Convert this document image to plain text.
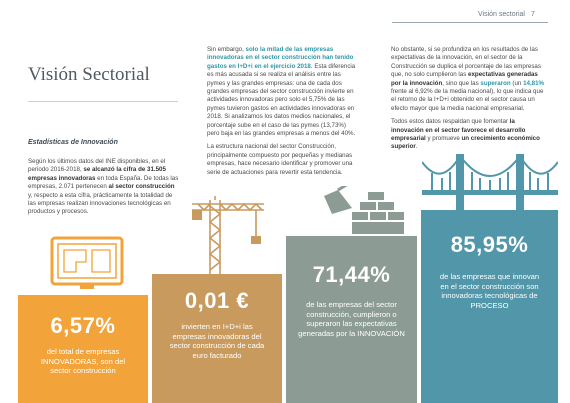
Visión sectorial 7
Visión Sectorial
Estadísticas de Innovación

Según los últimos datos del INE disponibles, en el periodo 2016-2018, se alcanzó la cifra de 31.505 empresas innovadoras en toda España. De todas las empresas, 2.071 pertenecen al sector construcción y, respecto a esta cifra, prácticamente la totalidad de las empresas realizan innovaciones tecnológicas en productos y procesos.

Sin embargo, solo la mitad de las empresas innovadoras en el sector construcción han tenido gastos en I+D+i en el ejercicio 2018. Esta diferencia es más acusada si se realiza el análisis entre las pymes y las grandes empresas: una de cada dos grandes empresas del sector construcción invierte en actividades innovadoras pero solo el 5,75% de las pymes tuvieron gastos en actividades innovadoras en 2018. Si analizamos los datos medios nacionales, el porcentaje sube en el caso de las pymes (13,73%) pero baja en las grandes empresas a menos del 40%.

La estructura nacional del sector Construcción, principalmente compuesto por pequeñas y medianas empresas, hace necesario identificar y promover una serie de actuaciones para revertir esta tendencia.

No obstante, si se profundiza en los resultados de las expectativas de la innovación, en el sector de la Construcción se duplica el porcentaje de las empresas que, no solo cumplieron las expectativas generadas por la innovación, sino que las superaron (un 14,81% frente al 6,92% de la media nacional), lo que indica que el retorno de la I+D+i obtenido en el sector causa un efecto mayor que la media nacional empresarial.

Todos estos datos respaldan que fomentar la innovación en el sector favorece el desarrollo empresarial y promueve un crecimiento económico superior.

6,57%
del total de empresas INNOVADORAS, son del sector construcción
0,01 €
invierten en I+D+i las empresas innovadoras del sector construcción de cada euro facturado
71,44%
de las empresas del sector construcción, cumplieron o superaron las expectativas generadas por la INNOVACIÓN
85,95%
de las empresas que innovan en el sector construcción son innovadoras tecnológicas de PROCESO
